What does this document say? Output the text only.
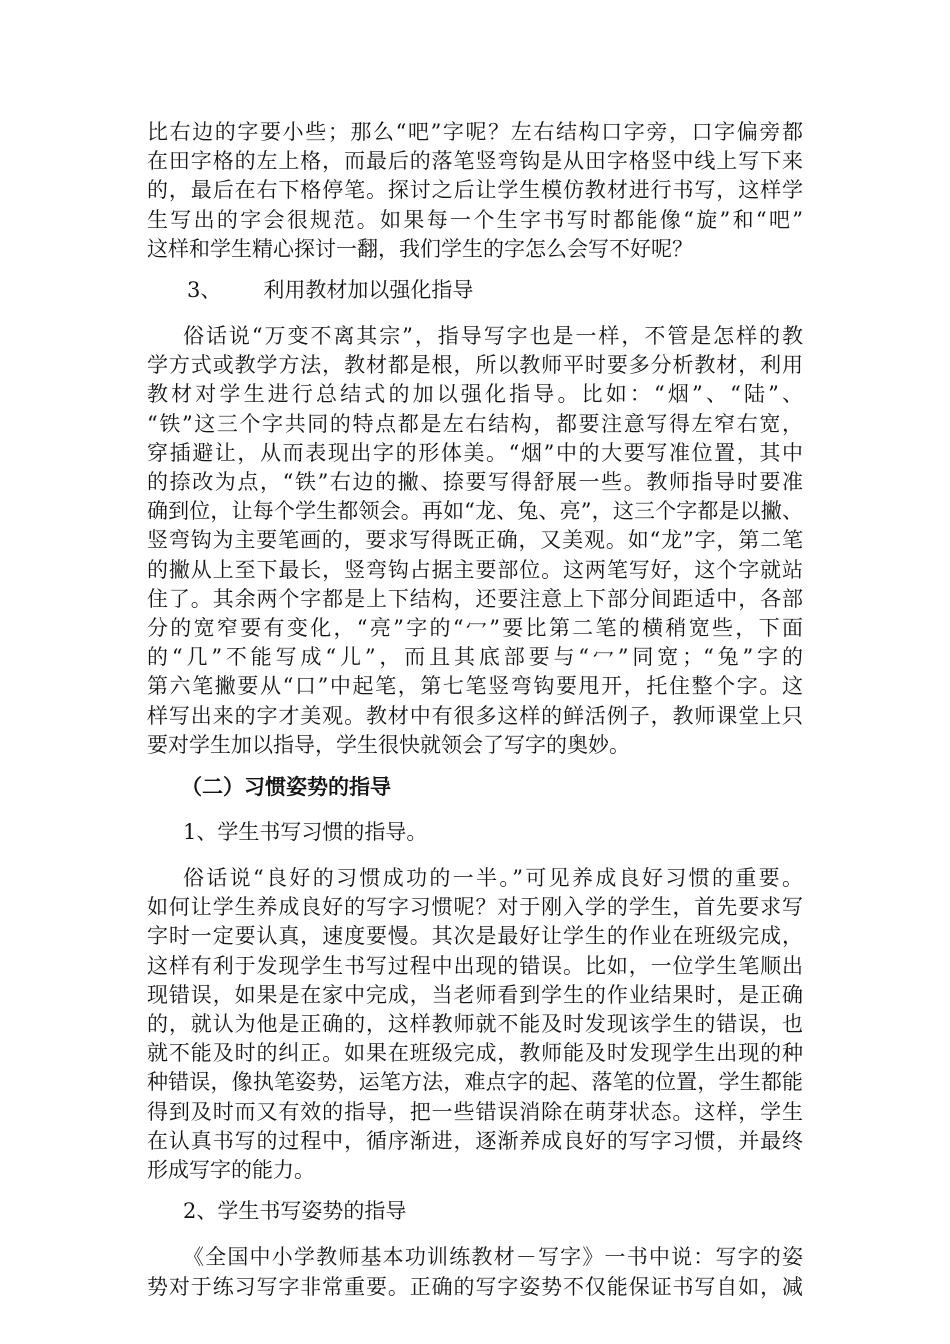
比右边的字要小些；那么“吧”字呢？左右结构口字旁，口字偏旁都
在田字格的左上格，而最后的落笔竖弯钩是从田字格竖中线上写下来
的，最后在右下格停笔。探讨之后让学生模仿教材进行书写，这样学
生写出的字会很规范。如果每一个生字书写时都能像“旋”和“吧”
这样和学生精心探讨一翻，我们学生的字怎么会写不好呢？
3、 利用教材加以强化指导
俗话说“万变不离其宗”，指导写字也是一样，不管是怎样的教
学方式或教学方法，教材都是根，所以教师平时要多分析教材，利用
教材对学生进行总结式的加以强化指导。比如：“烟”、“陆”、
“铁”这三个字共同的特点都是左右结构，都要注意写得左窄右宽，
穿插避让，从而表现出字的形体美。“烟”中的大要写准位置，其中
的捺改为点，“铁”右边的撇、捺要写得舒展一些。教师指导时要准
确到位，让每个学生都领会。再如“龙、兔、亮”，这三个字都是以撇、
竖弯钩为主要笔画的，要求写得既正确，又美观。如“龙”字，第二笔
的撇从上至下最长，竖弯钩占据主要部位。这两笔写好，这个字就站
住了。其余两个字都是上下结构，还要注意上下部分间距适中，各部
分的宽窄要有变化，“亮”字的“冖”要比第二笔的横稍宽些，下面
的“几”不能写成“儿”，而且其底部要与“冖”同宽；“兔”字的
第六笔撇要从“口”中起笔，第七笔竖弯钩要甩开，托住整个字。这
样写出来的字才美观。教材中有很多这样的鲜活例子，教师课堂上只
要对学生加以指导，学生很快就领会了写字的奥妙。
（二）习惯姿势的指导
1、学生书写习惯的指导。
俗话说“良好的习惯成功的一半。”可见养成良好习惯的重要。
如何让学生养成良好的写字习惯呢？对于刚入学的学生，首先要求写
字时一定要认真，速度要慢。其次是最好让学生的作业在班级完成，
这样有利于发现学生书写过程中出现的错误。比如，一位学生笔顺出
现错误，如果是在家中完成，当老师看到学生的作业结果时，是正确
的，就认为他是正确的，这样教师就不能及时发现该学生的错误，也
就不能及时的纠正。如果在班级完成，教师能及时发现学生出现的种
种错误，像执笔姿势，运笔方法，难点字的起、落笔的位置，学生都能
得到及时而又有效的指导，把一些错误消除在萌芽状态。这样，学生
在认真书写的过程中，循序渐进，逐渐养成良好的写字习惯，并最终
形成写字的能力。
2、学生书写姿势的指导
《全国中小学教师基本功训练教材－写字》一书中说：写字的姿
势对于练习写字非常重要。正确的写字姿势不仅能保证书写自如，减
